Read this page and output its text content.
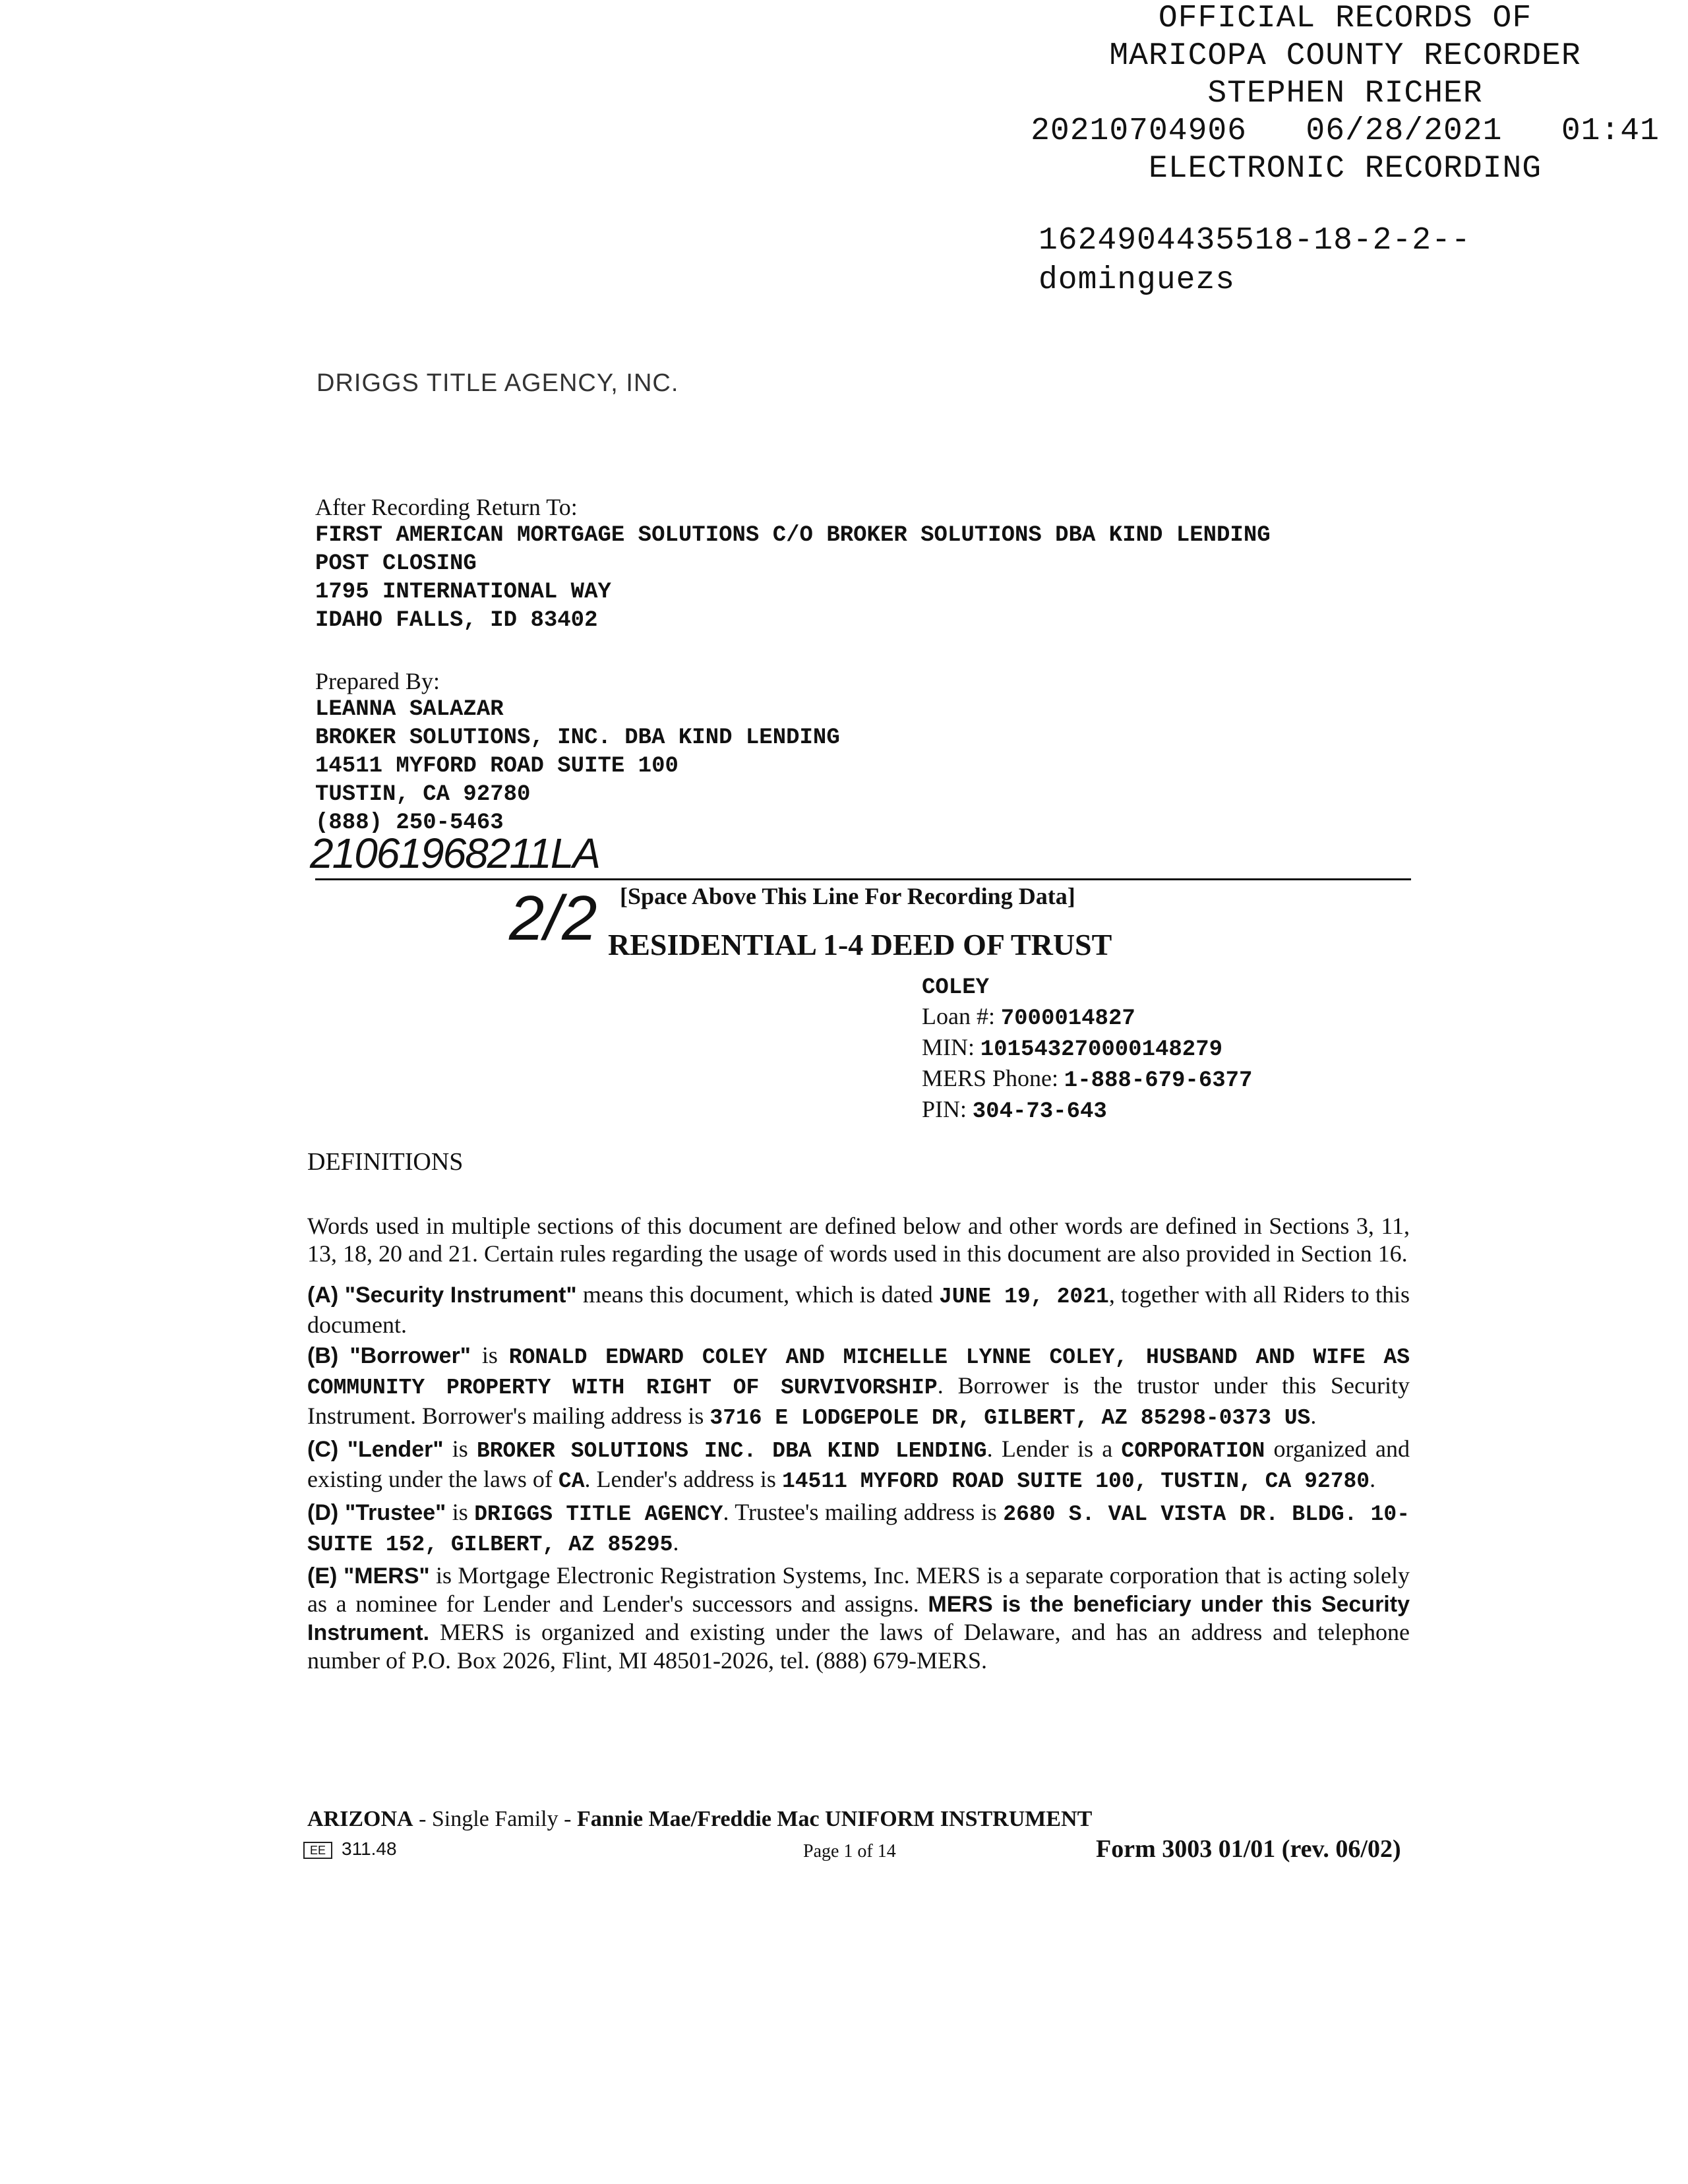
OFFICIAL RECORDS OF
MARICOPA COUNTY RECORDER
STEPHEN RICHER
20210704906   06/28/2021   01:41
ELECTRONIC RECORDING
1624904435518-18-2-2--
dominguezs
DRIGGS TITLE AGENCY, INC.
After Recording Return To:
FIRST AMERICAN MORTGAGE SOLUTIONS C/O BROKER SOLUTIONS DBA KIND LENDING
POST CLOSING
1795 INTERNATIONAL WAY
IDAHO FALLS, ID 83402
Prepared By:
LEANNA SALAZAR
BROKER SOLUTIONS, INC. DBA KIND LENDING
14511 MYFORD ROAD SUITE 100
TUSTIN, CA 92780
(888) 250-5463
21061968211LA
2/2 [Space Above This Line For Recording Data]
RESIDENTIAL 1-4 DEED OF TRUST
COLEY
Loan #: 7000014827
MIN: 101543270000148279
MERS Phone: 1-888-679-6377
PIN: 304-73-643
DEFINITIONS

Words used in multiple sections of this document are defined below and other words are defined in Sections 3, 11, 13, 18, 20 and 21. Certain rules regarding the usage of words used in this document are also provided in Section 16.

(A) "Security Instrument" means this document, which is dated JUNE 19, 2021, together with all Riders to this document.

(B) "Borrower" is RONALD EDWARD COLEY AND MICHELLE LYNNE COLEY, HUSBAND AND WIFE AS COMMUNITY PROPERTY WITH RIGHT OF SURVIVORSHIP. Borrower is the trustor under this Security Instrument. Borrower's mailing address is 3716 E LODGEPOLE DR, GILBERT, AZ 85298-0373 US.

(C) "Lender" is BROKER SOLUTIONS INC. DBA KIND LENDING. Lender is a CORPORATION organized and existing under the laws of CA. Lender's address is 14511 MYFORD ROAD SUITE 100, TUSTIN, CA 92780.

(D) "Trustee" is DRIGGS TITLE AGENCY. Trustee's mailing address is 2680 S. VAL VISTA DR. BLDG. 10- SUITE 152, GILBERT, AZ 85295.

(E) "MERS" is Mortgage Electronic Registration Systems, Inc. MERS is a separate corporation that is acting solely as a nominee for Lender and Lender's successors and assigns. MERS is the beneficiary under this Security Instrument. MERS is organized and existing under the laws of Delaware, and has an address and telephone number of P.O. Box 2026, Flint, MI 48501-2026, tel. (888) 679-MERS.

ARIZONA - Single Family - Fannie Mae/Freddie Mac UNIFORM INSTRUMENT
EE 311.48	Page 1 of 14	Form 3003 01/01 (rev. 06/02)
